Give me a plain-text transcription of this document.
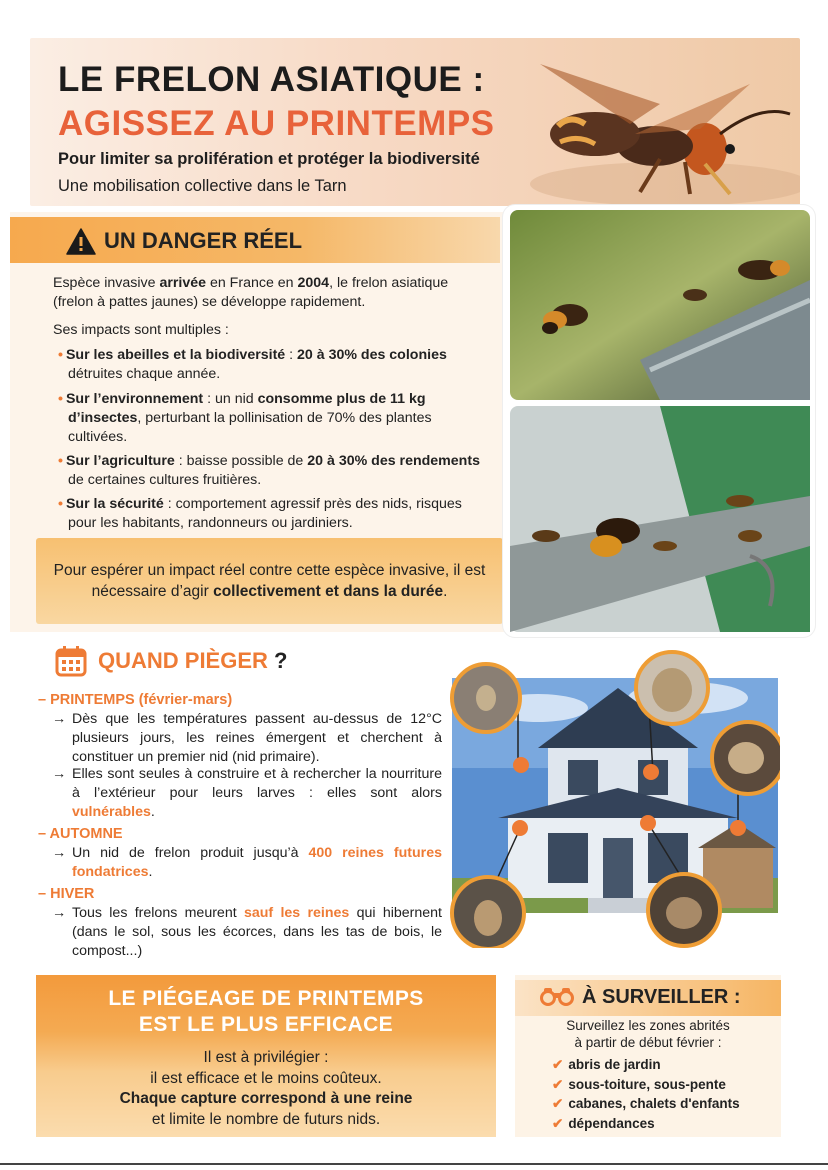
LE FRELON ASIATIQUE :
AGISSEZ AU PRINTEMPS
Pour limiter sa prolifération et protéger la biodiversité
Une mobilisation collective dans le Tarn
UN DANGER RÉEL
Espèce invasive arrivée en France en 2004, le frelon asiatique (frelon à pattes jaunes) se développe rapidement.
Ses impacts sont multiples :
• Sur les abeilles et la biodiversité : 20 à 30% des colonies détruites chaque année.
• Sur l’environnement : un nid consomme plus de 11 kg d’insectes, perturbant la pollinisation de 70% des plantes cultivées.
• Sur l’agriculture : baisse possible de 20 à 30% des rendements de certaines cultures fruitières.
• Sur la sécurité : comportement agressif près des nids, risques pour les habitants, randonneurs ou jardiniers.
Pour espérer un impact réel contre cette espèce invasive, il est nécessaire d’agir collectivement et dans la durée.
QUAND PIÈGER ?
– PRINTEMPS (février-mars)
→ Dès que les températures passent au-dessus de 12°C plusieurs jours, les reines émergent et cherchent à constituer un premier nid (nid primaire).
→ Elles sont seules à construire et à rechercher la nourriture à l’extérieur pour leurs larves : elles sont alors vulnérables.
– AUTOMNE
→ Un nid de frelon produit jusqu’à 400 reines futures fondatrices.
– HIVER
→ Tous les frelons meurent sauf les reines qui hibernent (dans le sol, sous les écorces, dans les tas de bois, le compost...)
LE PIÉGEAGE DE PRINTEMPS
EST LE PLUS EFFICACE
Il est à privilégier :
il est efficace et le moins coûteux.
Chaque capture correspond à une reine
et limite le nombre de futurs nids.
À SURVEILLER :
Surveillez les zones abrités
à partir de début février :
✔ abris de jardin
✔ sous-toiture, sous-pente
✔ cabanes, chalets d'enfants
✔ dépendances
